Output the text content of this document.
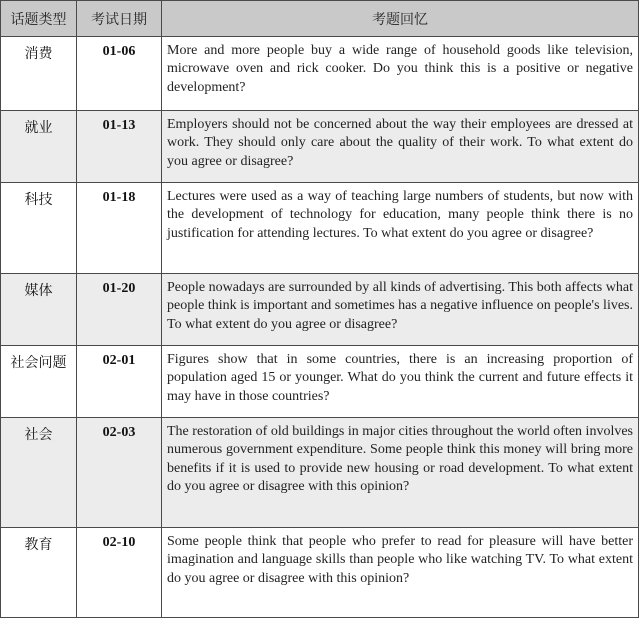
话题类型	考试日期	考题回忆
消费	01-06	More and more people buy a wide range of household goods like television, microwave oven and rick cooker. Do you think this is a positive or negative development?
就业	01-13	Employers should not be concerned about the way their employees are dressed at work. They should only care about the quality of their work. To what extent do you agree or disagree?
科技	01-18	Lectures were used as a way of teaching large numbers of students, but now with the development of technology for education, many people think there is no justification for attending lectures. To what extent do you agree or disagree?
媒体	01-20	People nowadays are surrounded by all kinds of advertising. This both affects what people think is important and sometimes has a negative influence on people's lives. To what extent do you agree or disagree?
社会问题	02-01	Figures show that in some countries, there is an increasing proportion of population aged 15 or younger. What do you think the current and future effects it may have in those countries?
社会	02-03	The restoration of old buildings in major cities throughout the world often involves numerous government expenditure. Some people think this money will bring more benefits if it is used to provide new housing or road development. To what extent do you agree or disagree with this opinion?
教育	02-10	Some people think that people who prefer to read for pleasure will have better imagination and language skills than people who like watching TV. To what extent do you agree or disagree with this opinion?
